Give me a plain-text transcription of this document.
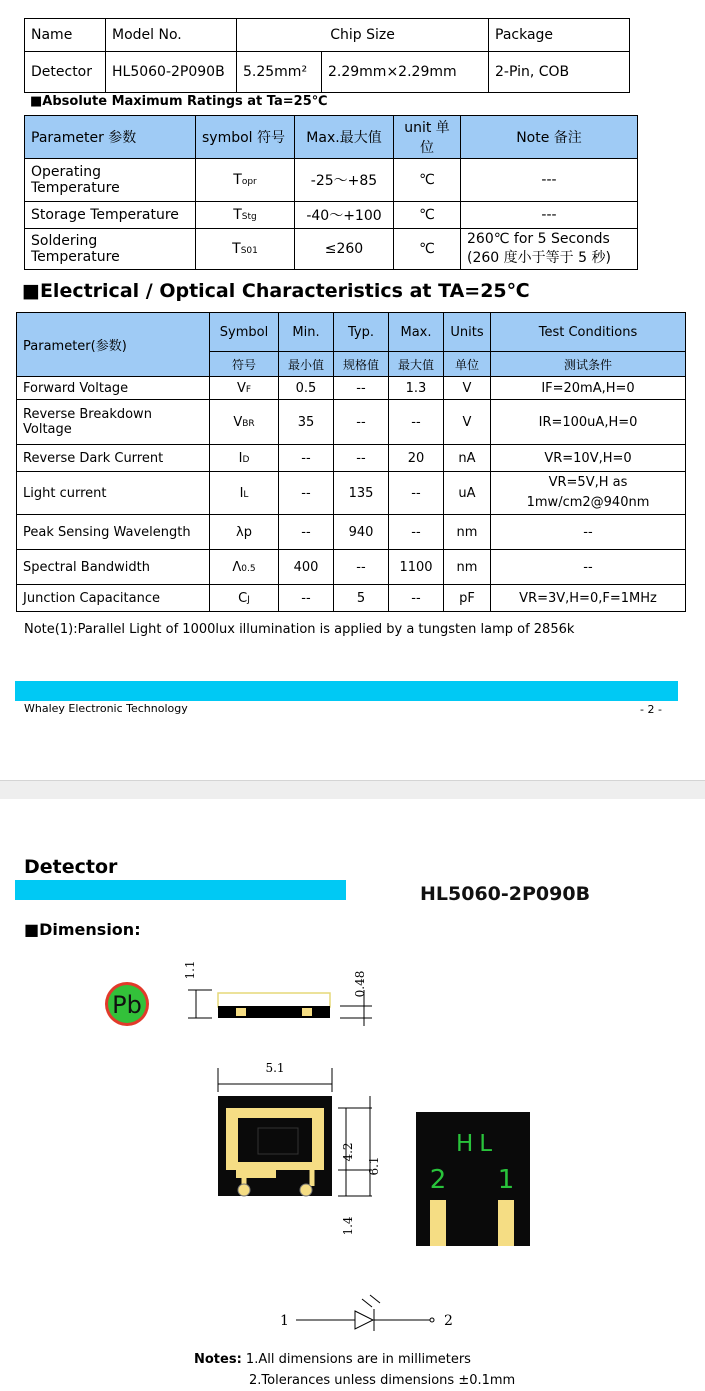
Name	Model No.	Chip Size		Package
Detector	HL5060-2P090B	5.25mm²	2.29mm×2.29mm	2-Pin, COB
■Absolute Maximum Ratings at Ta=25℃
Parameter 参数	symbol 符号	Max.最大值	unit 单位	Note 备注
Operating Temperature	Topr	-25～+85	℃	---
Storage Temperature	TStg	-40～+100	℃	---
Soldering Temperature	TS01	≤260	℃	260℃ for 5 Seconds (260 度小于等于 5 秒)
■Electrical / Optical Characteristics at TA=25℃
Parameter(参数)	Symbol	Min.	Typ.	Max.	Units	Test Conditions
	符号	最小值	规格值	最大值	单位	测试条件
Forward Voltage	VF	0.5	--	1.3	V	IF=20mA,H=0
Reverse Breakdown Voltage	VBR	35	--	--	V	IR=100uA,H=0
Reverse Dark Current	ID	--	--	20	nA	VR=10V,H=0
Light current	IL	--	135	--	uA	VR=5V,H as 1mw/cm2@940nm
Peak Sensing Wavelength	λp	--	940	--	nm	--
Spectral Bandwidth	Λ0.5	400	--	1100	nm	--
Junction Capacitance	CJ	--	5	--	pF	VR=3V,H=0,F=1MHz
Note(1):Parallel Light of 1000lux illumination is applied by a tungsten lamp of 2856k
Whaley Electronic Technology	- 2 -
Detector
HL5060-2P090B
■Dimension:
Pb
1.1
0.48
5.1
4.2
6.1
1.4
HL
2 1
1	2
Notes: 1.All dimensions are in millimeters
2.Tolerances unless dimensions ±0.1mm
